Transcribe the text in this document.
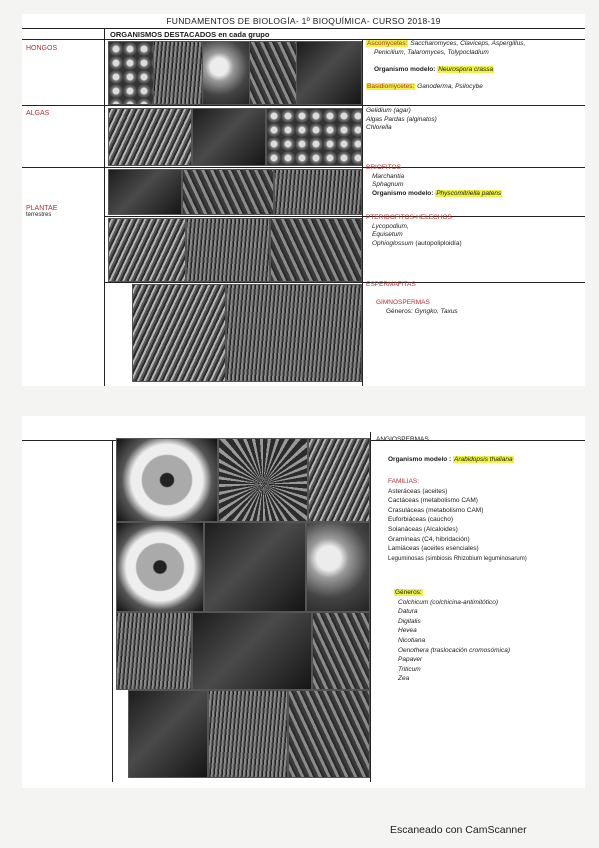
FUNDAMENTOS DE BIOLOGÍA- 1º BIOQUÍMICA- CURSO 2018-19
ORGANISMOS DESTACADOS en cada grupo
HONGOS
Ascomycetes: Saccharomyces, Claviceps, Aspergillus,
Penicilium, Talaromyces, Tolypocladium

Organismo modelo: Neurospora crassa

Basidiomycetes: Ganoderma, Psilocybe
ALGAS	Gelidium (agar)
Algas Pardas (alginatos)
Chlorella
PLANTAE
terrestres
BRIOFITOS
Marchantia
Sphagnum
Organismo modelo: Physcomitriella patens
PTERIDOFITOS-HELECHOS
Lycopodium,
Equisetum
Ophioglossum (autopoliploidía)
ESPERMAFITAS

GIMNOSPERMAS
Géneros: Gyngko, Taxus
ANGIOSPERMAS
Organismo modelo : Arabidopsis thaliana
FAMILIAS:
Asteráceas (aceites)
Cactáceas (metabolismo CAM)
Crasuláceas (metabolismo CAM)
Euforbiáceas (caucho)
Solanáceas (Alcaloides)
Gramíneas (C4, hibridación)
Lamiáceas (aceites esenciales)
Leguminosas (simbiosis Rhizobium leguminosarum)
Géneros:
Colchicum (colchicina-antimitótico)
Datura
Digitalis
Hevea
Nicotiana
Oenothera (traslocación cromosómica)
Papaver
Triticum
Zea
Escaneado con CamScanner
